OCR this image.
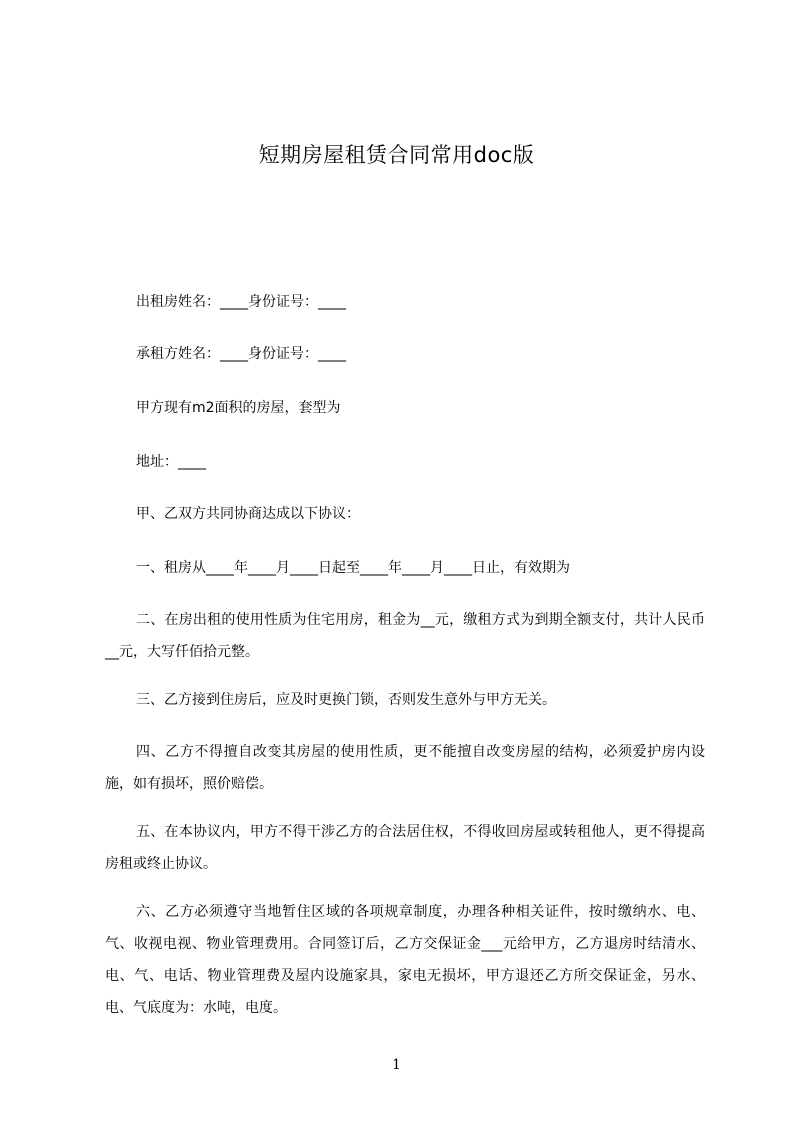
短期房屋租赁合同常用doc版
出租房姓名：____身份证号：____
承租方姓名：____身份证号：____
甲方现有m2面积的房屋，套型为
地址：____
甲、乙双方共同协商达成以下协议：
一、租房从____年____月____日起至____年____月____日止，有效期为
二、在房出租的使用性质为住宅用房，租金为__元，缴租方式为到期全额支付，共计人民币__元，大写仟佰拾元整。
三、乙方接到住房后，应及时更换门锁，否则发生意外与甲方无关。
四、乙方不得擅自改变其房屋的使用性质，更不能擅自改变房屋的结构，必须爱护房内设施，如有损坏，照价赔偿。
五、在本协议内，甲方不得干涉乙方的合法居住权，不得收回房屋或转租他人，更不得提高房租或终止协议。
六、乙方必须遵守当地暂住区域的各项规章制度，办理各种相关证件，按时缴纳水、电、气、收视电视、物业管理费用。合同签订后，乙方交保证金___元给甲方，乙方退房时结清水、电、气、电话、物业管理费及屋内设施家具，家电无损坏，甲方退还乙方所交保证金，另水、电、气底度为：水吨，电度。
1
